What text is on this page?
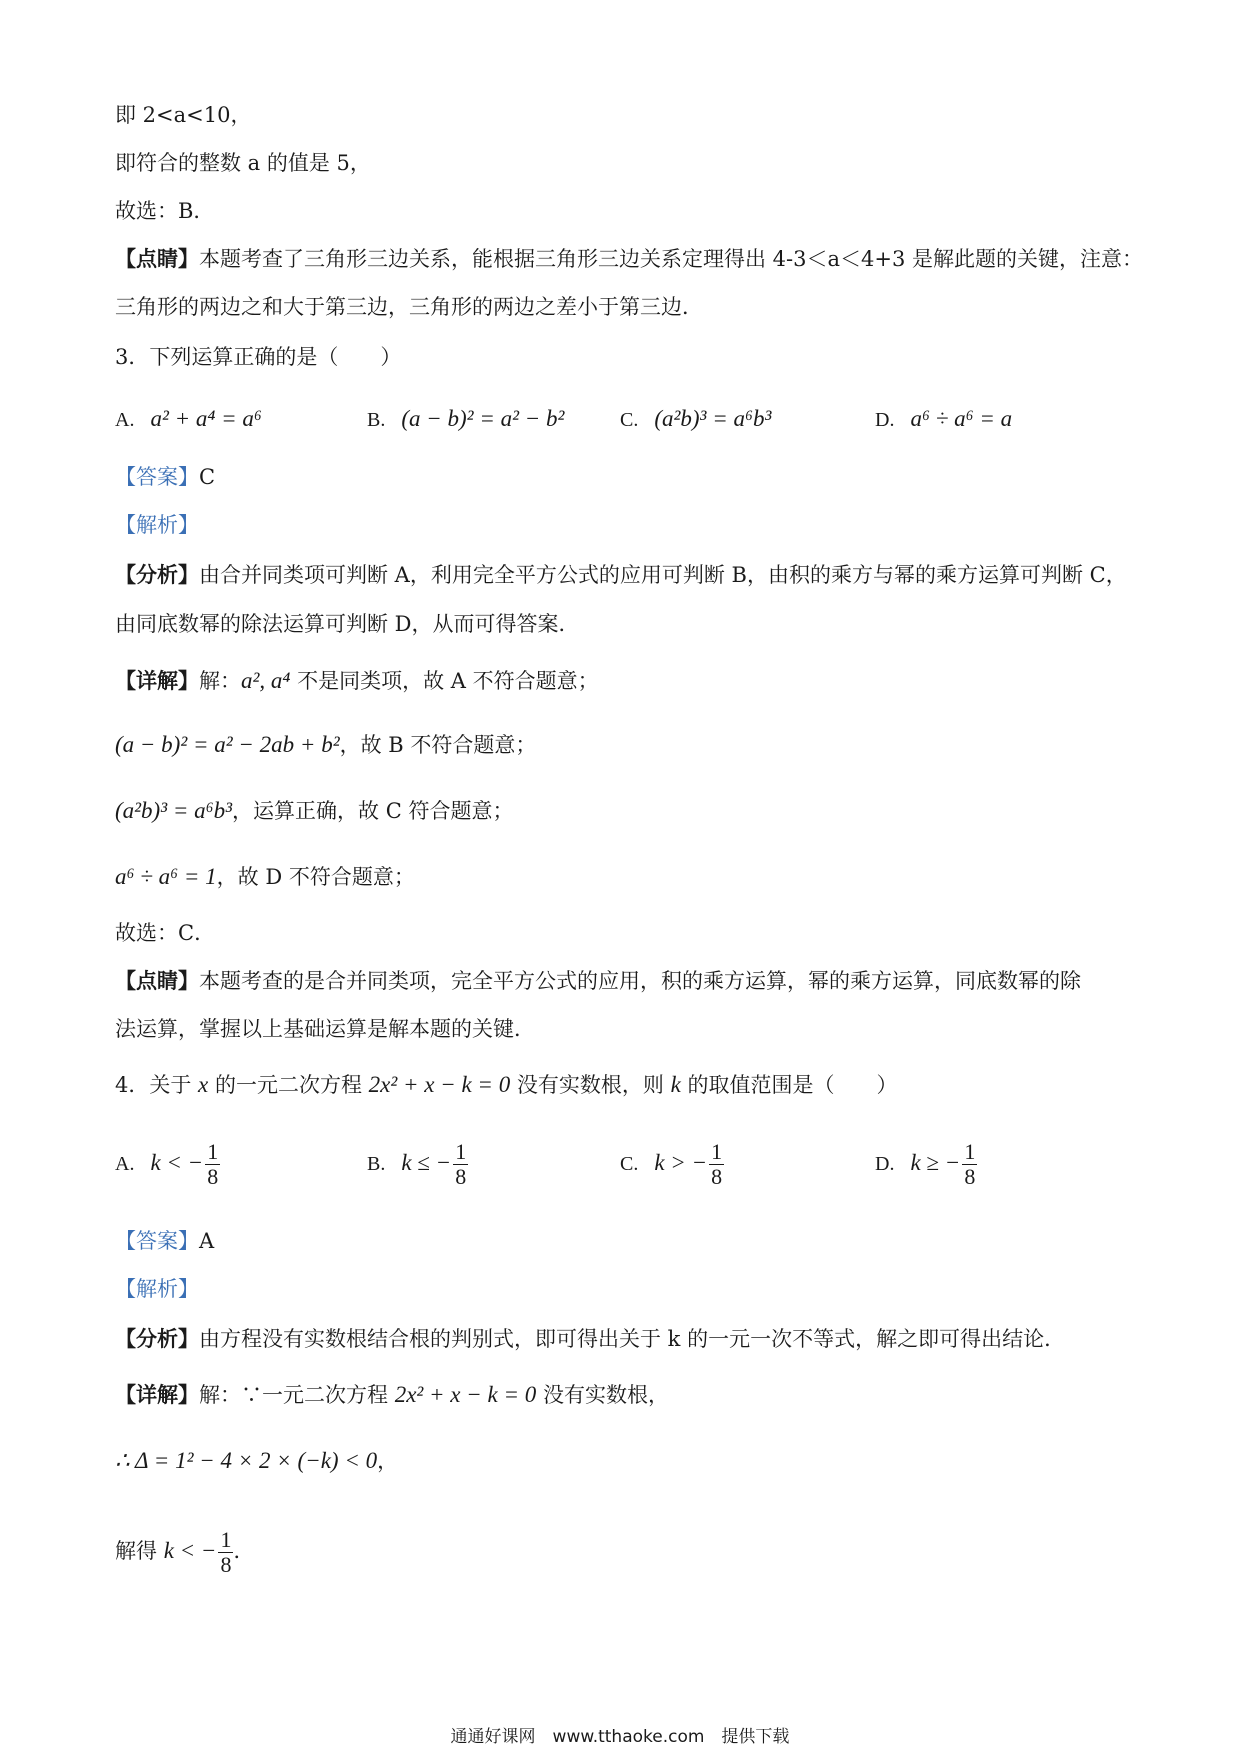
即 2<a<10，
即符合的整数 a 的值是 5，
故选：B．
【点睛】本题考查了三角形三边关系，能根据三角形三边关系定理得出 4-3＜a＜4+3 是解此题的关键，注意：
三角形的两边之和大于第三边，三角形的两边之差小于第三边．
3．下列运算正确的是（　　）
A. a² + a⁴ = a⁶	B. (a − b)² = a² − b²	C. (a²b)³ = a⁶b³	D. a⁶ ÷ a⁶ = a
【答案】C
【解析】
【分析】由合并同类项可判断 A，利用完全平方公式的应用可判断 B，由积的乘方与幂的乘方运算可判断 C，
由同底数幂的除法运算可判断 D，从而可得答案．
【详解】解：a², a⁴ 不是同类项，故 A 不符合题意；
(a − b)² = a² − 2ab + b²，故 B 不符合题意；
(a²b)³ = a⁶b³，运算正确，故 C 符合题意；
a⁶ ÷ a⁶ = 1，故 D 不符合题意；
故选：C．
【点睛】本题考查的是合并同类项，完全平方公式的应用，积的乘方运算，幂的乘方运算，同底数幂的除
法运算，掌握以上基础运算是解本题的关键．
4．关于 x 的一元二次方程 2x² + x − k = 0 没有实数根，则 k 的取值范围是（　　）
A. k < − $\frac{1}{8}$	B. k ≤ − $\frac{1}{8}$	C. k > − $\frac{1}{8}$	D. k ≥ − $\frac{1}{8}$
【答案】A
【解析】
【分析】由方程没有实数根结合根的判别式，即可得出关于 k 的一元一次不等式，解之即可得出结论．
【详解】解：∵一元二次方程 2x² + x − k = 0 没有实数根，
∴ Δ = 1² − 4 × 2 × (−k) < 0，
解得 k < − $\frac{1}{8}$ ．
通通好课网　www.tthaoke.com　提供下载
